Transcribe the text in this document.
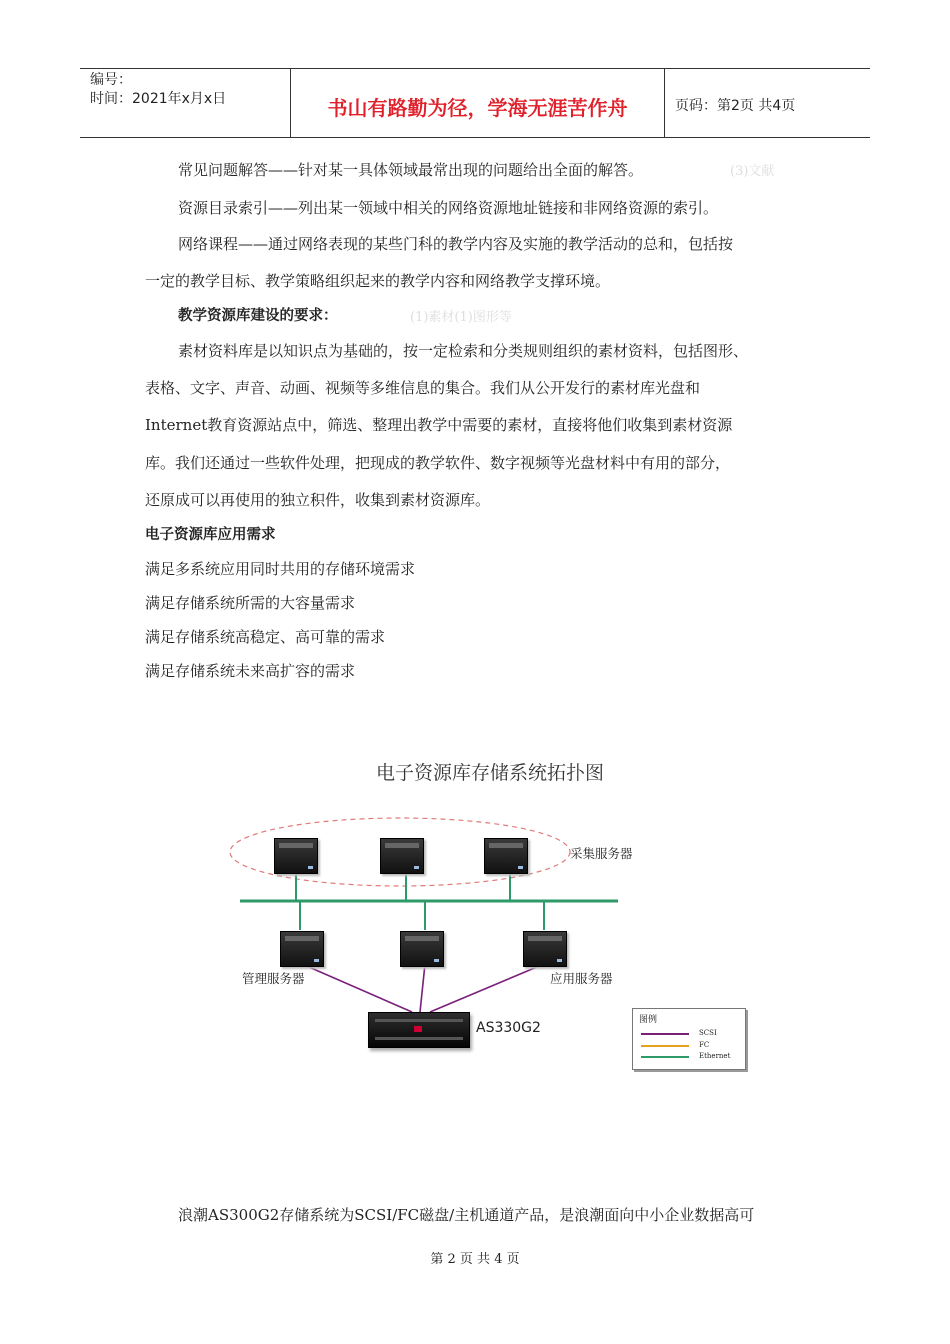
编号：
时间：2021年x月x日	书山有路勤为径，学海无涯苦作舟	页码：第2页 共4页
常见问题解答——针对某一具体领域最常出现的问题给出全面的解答。	(3)文献
资源目录索引——列出某一领域中相关的网络资源地址链接和非网络资源的索引。
网络课程——通过网络表现的某些门科的教学内容及实施的教学活动的总和，包括按
一定的教学目标、教学策略组织起来的教学内容和网络教学支撑环境。
教学资源库建设的要求：	(1)素材(1)图形等
素材资料库是以知识点为基础的，按一定检索和分类规则组织的素材资料，包括图形、
表格、文字、声音、动画、视频等多维信息的集合。我们从公开发行的素材库光盘和
Internet教育资源站点中，筛选、整理出教学中需要的素材，直接将他们收集到素材资源
库。我们还通过一些软件处理，把现成的教学软件、数字视频等光盘材料中有用的部分，
还原成可以再使用的独立积件，收集到素材资源库。
电子资源库应用需求
满足多系统应用同时共用的存储环境需求
满足存储系统所需的大容量需求
满足存储系统高稳定、高可靠的需求
满足存储系统未来高扩容的需求
电子资源库存储系统拓扑图
采集服务器
管理服务器	应用服务器
AS330G2	图例
SCSI
FC
Ethernet
浪潮AS300G2存储系统为SCSI/FC磁盘/主机通道产品，是浪潮面向中小企业数据高可
第 2 页 共 4 页
